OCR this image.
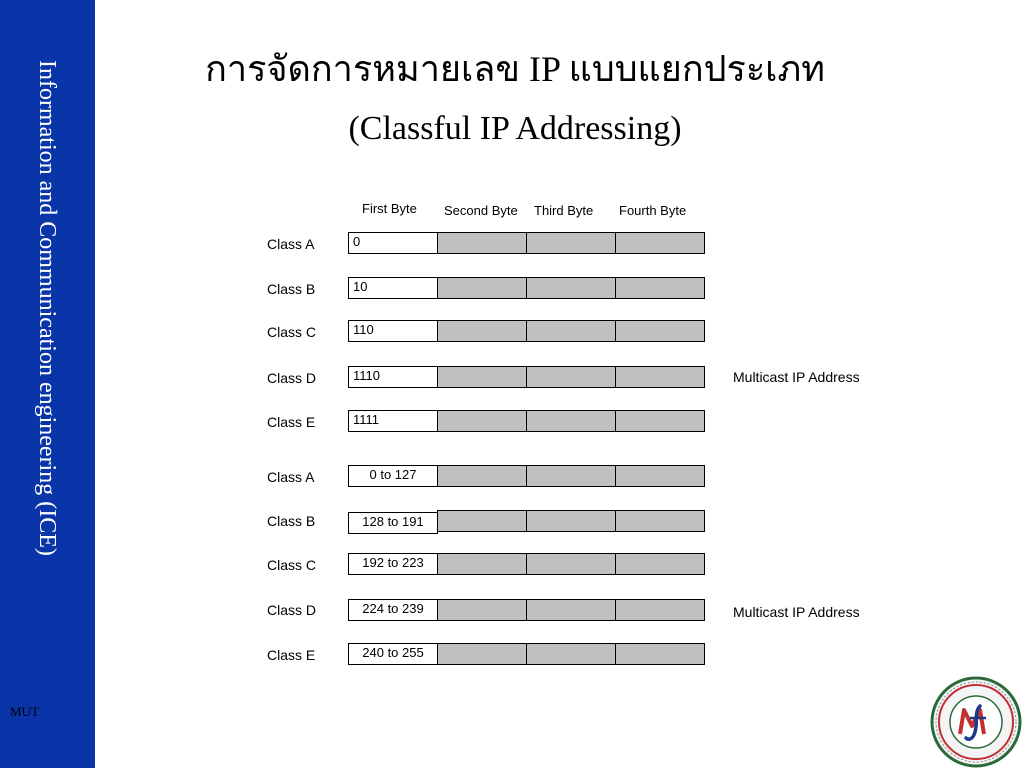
Information and Communication engineering (ICE)
MUT
การจัดการหมายเลข IP แบบแยกประเภท
(Classful IP Addressing)
First Byte Second Byte Third Byte Fourth Byte
Class A	0
Class B	10
Class C	110
Class D	1110	Multicast IP Address
Class E	1111
Class A	0 to 127
Class B	128 to 191
Class C	192 to 223
Class D	224 to 239	Multicast IP Address
Class E	240 to 255
